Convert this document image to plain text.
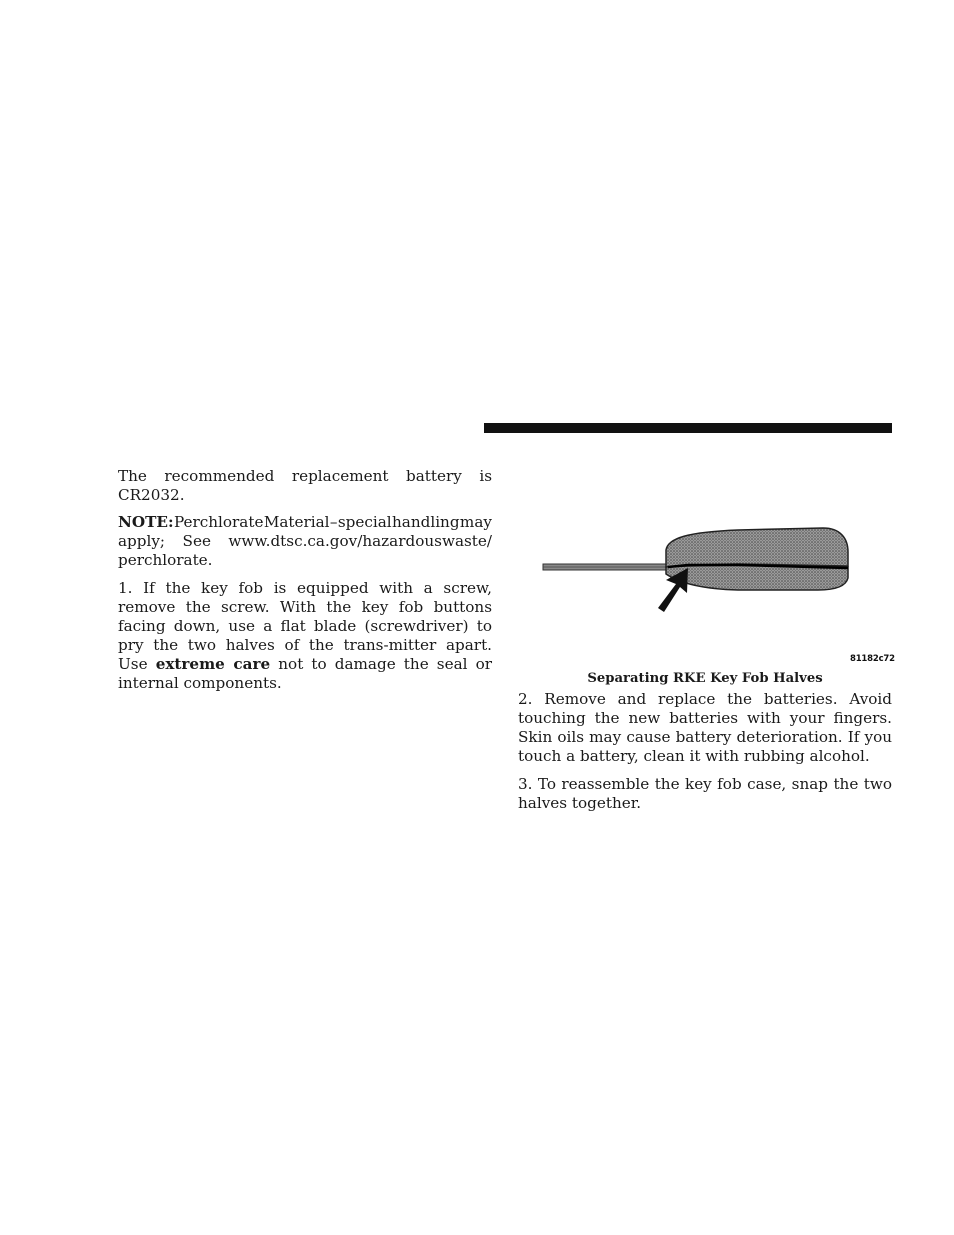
The recommended replacement battery is CR2032.

NOTE: Perchlorate Material – special handling may
apply; See www.dtsc.ca.gov/hazardouswaste/
perchlorate.

1. If the key fob is equipped with a screw, remove the screw. With the key fob buttons facing down, use a flat blade (screwdriver) to pry the two halves of the trans-mitter apart. Use extreme care not to damage the seal or internal components.

81182c72
Separating RKE Key Fob Halves

2. Remove and replace the batteries. Avoid touching the new batteries with your fingers. Skin oils may cause battery deterioration. If you touch a battery, clean it with rubbing alcohol.

3. To reassemble the key fob case, snap the two halves together.
